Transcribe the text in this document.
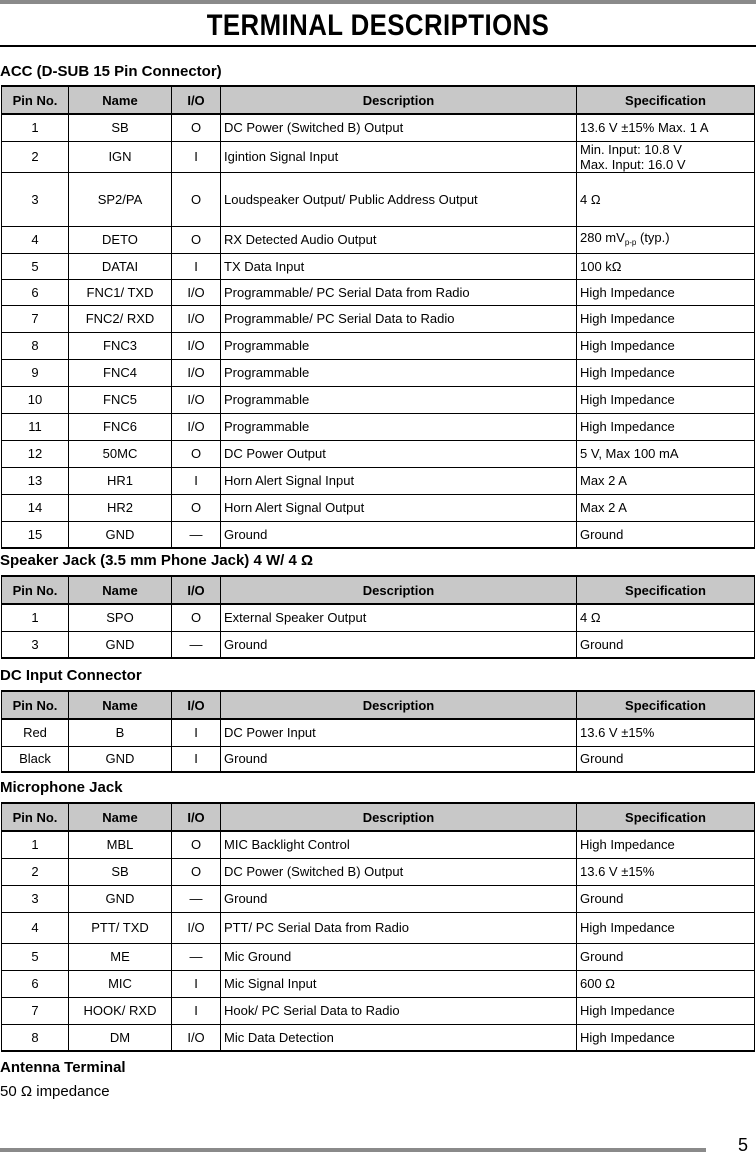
TERMINAL DESCRIPTIONS
ACC (D-SUB 15 Pin Connector)
Pin No.	Name	I/O	Description	Specification
1	SB	O	DC Power (Switched B) Output	13.6 V ±15% Max. 1 A
2	IGN	I	Igintion Signal Input	Min. Input: 10.8 V
Max. Input: 16.0 V
3	SP2/PA	O	Loudspeaker Output/ Public Address Output	4 Ω
4	DETO	O	RX Detected Audio Output	280 $mV_{p-p}$ (typ.)
5	DATAI	I	TX Data Input	100 kΩ
6	FNC1/ TXD	I/O	Programmable/ PC Serial Data from Radio	High Impedance
7	FNC2/ RXD	I/O	Programmable/ PC Serial Data to Radio	High Impedance
8	FNC3	I/O	Programmable	High Impedance
9	FNC4	I/O	Programmable	High Impedance
10	FNC5	I/O	Programmable	High Impedance
11	FNC6	I/O	Programmable	High Impedance
12	50MC	O	DC Power Output	5 V, Max 100 mA
13	HR1	I	Horn Alert Signal Input	Max 2 A
14	HR2	O	Horn Alert Signal Output	Max 2 A
15	GND	—	Ground	Ground
Speaker Jack (3.5 mm Phone Jack) 4 W/ 4 Ω
Pin No.	Name	I/O	Description	Specification
1	SPO	O	External Speaker Output	4 Ω
3	GND	—	Ground	Ground
DC Input Connector
Pin No.	Name	I/O	Description	Specification
Red	B	I	DC Power Input	13.6 V ±15%
Black	GND	I	Ground	Ground
Microphone Jack
Pin No.	Name	I/O	Description	Specification
1	MBL	O	MIC Backlight Control	High Impedance
2	SB	O	DC Power (Switched B) Output	13.6 V ±15%
3	GND	—	Ground	Ground
4	PTT/ TXD	I/O	PTT/ PC Serial Data from Radio	High Impedance
5	ME	—	Mic Ground	Ground
6	MIC	I	Mic Signal Input	600 Ω
7	HOOK/ RXD	I	Hook/ PC Serial Data to Radio	High Impedance
8	DM	I/O	Mic Data Detection	High Impedance
Antenna Terminal
50 Ω impedance
5
